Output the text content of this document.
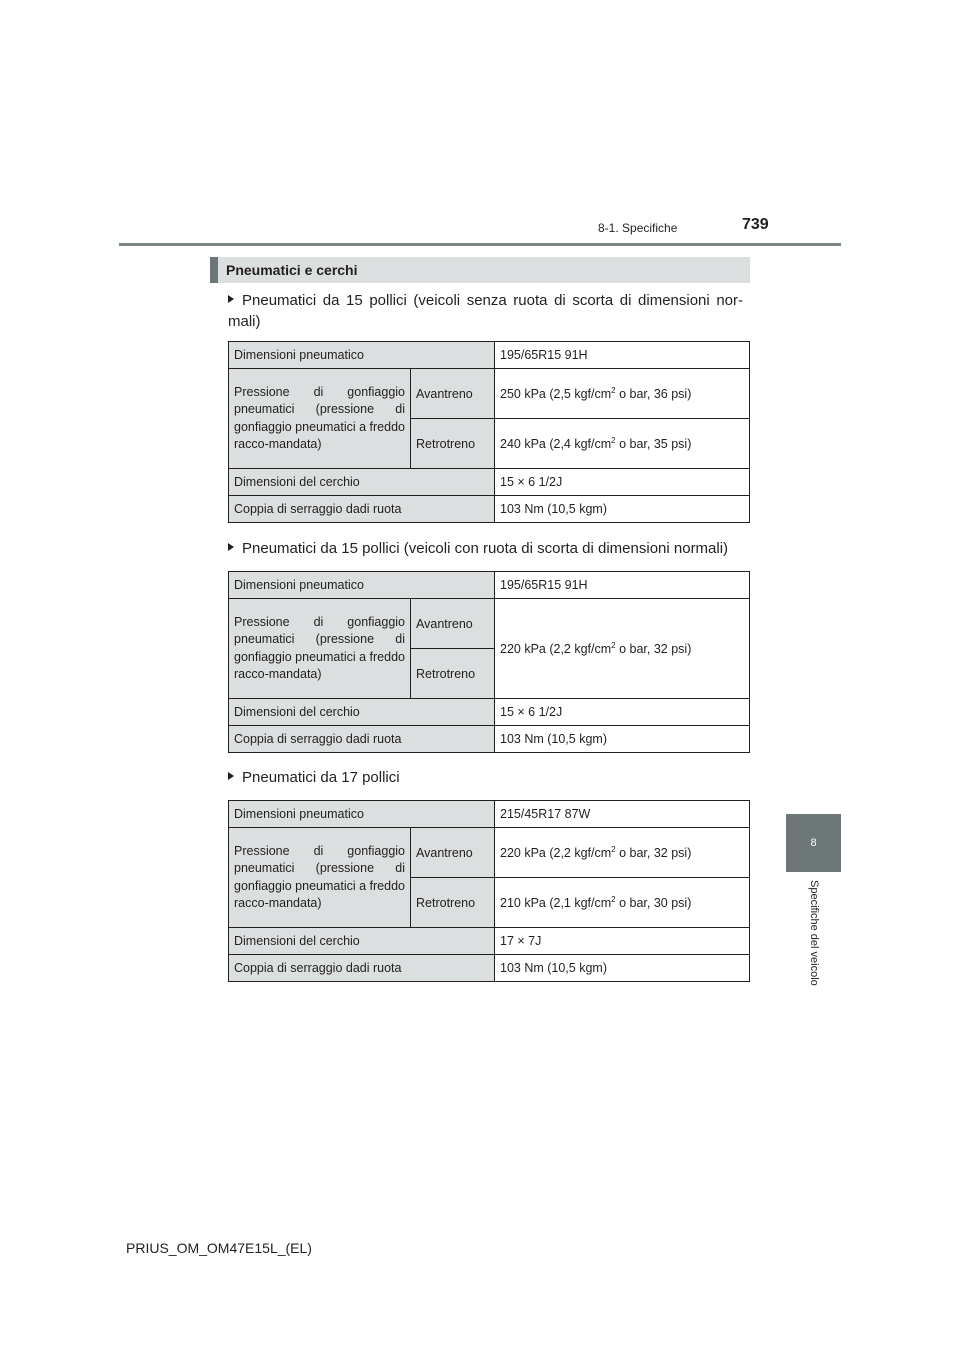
8-1. Specifiche	739
8
Specifiche del veicolo
Pneumatici e cerchi
Pneumatici da 15 pollici (veicoli senza ruota di scorta di dimensioni nor-mali)
Dimensioni pneumatico		195/65R15 91H
Pressione di gonfiaggio pneumatici (pressione di gonfiaggio pneumatici a freddo racco-mandata)	Avantreno	250 kPa (2,5 kgf/$cm^2$ o bar, 36 psi)
	Retrotreno	240 kPa (2,4 kgf/$cm^2$ o bar, 35 psi)
Dimensioni del cerchio		15 × 6 1/2J
Coppia di serraggio dadi ruota		103 Nm (10,5 kgm)
Pneumatici da 15 pollici (veicoli con ruota di scorta di dimensioni normali)
Dimensioni pneumatico		195/65R15 91H
Pressione di gonfiaggio pneumatici (pressione di gonfiaggio pneumatici a freddo racco-mandata)	Avantreno	220 kPa (2,2 kgf/$cm^2$ o bar, 32 psi)
	Retrotreno	
Dimensioni del cerchio		15 × 6 1/2J
Coppia di serraggio dadi ruota		103 Nm (10,5 kgm)
Pneumatici da 17 pollici
Dimensioni pneumatico		215/45R17 87W
Pressione di gonfiaggio pneumatici (pressione di gonfiaggio pneumatici a freddo racco-mandata)	Avantreno	220 kPa (2,2 kgf/$cm^2$ o bar, 32 psi)
	Retrotreno	210 kPa (2,1 kgf/$cm^2$ o bar, 30 psi)
Dimensioni del cerchio		17 × 7J
Coppia di serraggio dadi ruota		103 Nm (10,5 kgm)
PRIUS_OM_OM47E15L_(EL)
